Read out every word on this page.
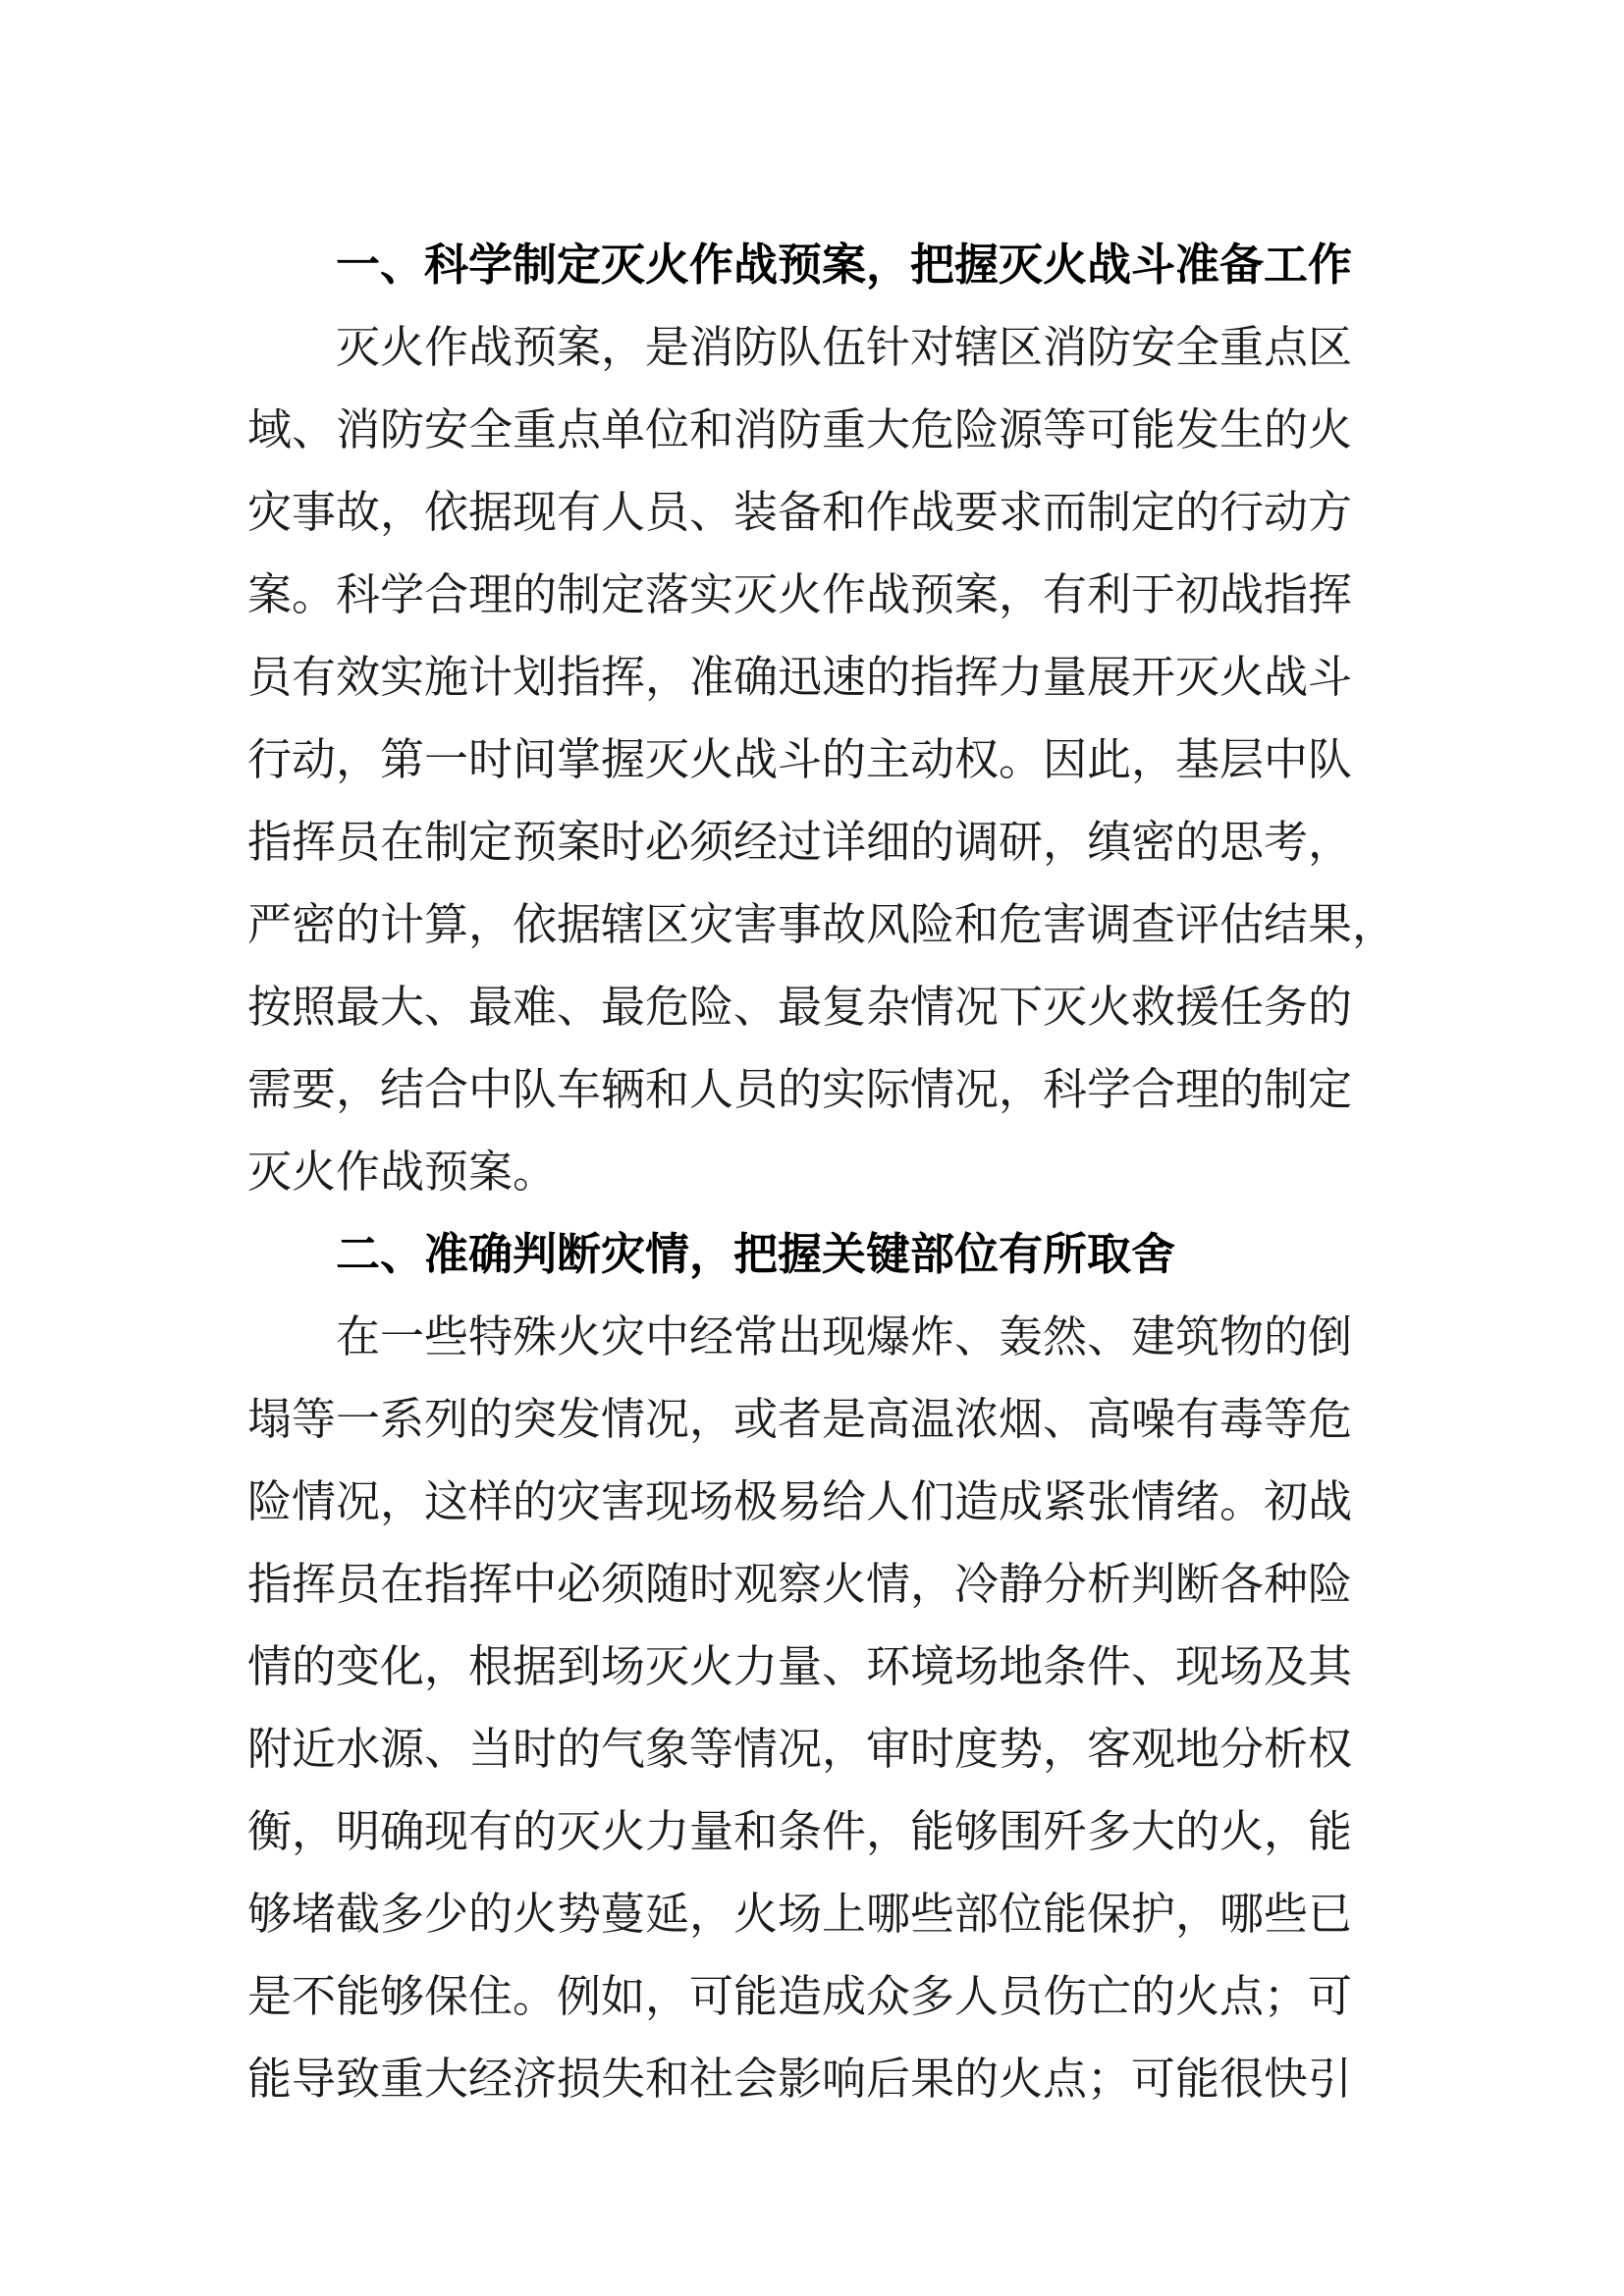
一、科学制定灭火作战预案，把握灭火战斗准备工作
灭火作战预案，是消防队伍针对辖区消防安全重点区
域、消防安全重点单位和消防重大危险源等可能发生的火
灾事故，依据现有人员、装备和作战要求而制定的行动方
案。科学合理的制定落实灭火作战预案，有利于初战指挥
员有效实施计划指挥，准确迅速的指挥力量展开灭火战斗
行动，第一时间掌握灭火战斗的主动权。因此，基层中队
指挥员在制定预案时必须经过详细的调研，缜密的思考，
严密的计算，依据辖区灾害事故风险和危害调查评估结果，
按照最大、最难、最危险、最复杂情况下灭火救援任务的
需要，结合中队车辆和人员的实际情况，科学合理的制定
灭火作战预案。
二、准确判断灾情，把握关键部位有所取舍
在一些特殊火灾中经常出现爆炸、轰然、建筑物的倒
塌等一系列的突发情况，或者是高温浓烟、高噪有毒等危
险情况，这样的灾害现场极易给人们造成紧张情绪。初战
指挥员在指挥中必须随时观察火情，冷静分析判断各种险
情的变化，根据到场灭火力量、环境场地条件、现场及其
附近水源、当时的气象等情况，审时度势，客观地分析权
衡，明确现有的灭火力量和条件，能够围歼多大的火，能
够堵截多少的火势蔓延，火场上哪些部位能保护，哪些已
是不能够保住。例如，可能造成众多人员伤亡的火点；可
能导致重大经济损失和社会影响后果的火点；可能很快引
